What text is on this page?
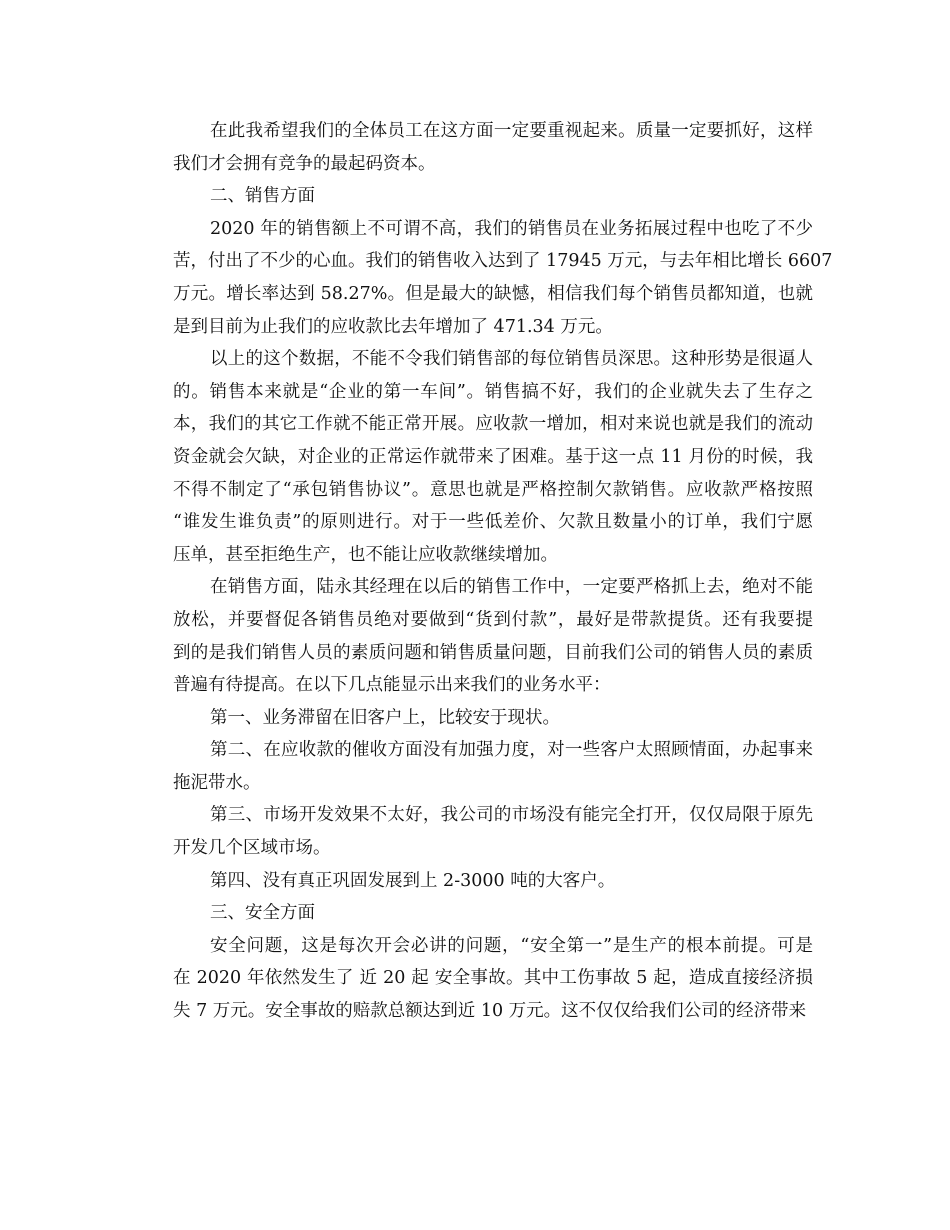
在此我希望我们的全体员工在这方面一定要重视起来。质量一定要抓好，这样
我们才会拥有竞争的最起码资本。
二、销售方面
2020 年的销售额上不可谓不高，我们的销售员在业务拓展过程中也吃了不少
苦，付出了不少的心血。我们的销售收入达到了 17945 万元，与去年相比增长 6607
万元。增长率达到 58.27%。但是最大的缺憾，相信我们每个销售员都知道，也就
是到目前为止我们的应收款比去年增加了 471.34 万元。
以上的这个数据，不能不令我们销售部的每位销售员深思。这种形势是很逼人
的。销售本来就是“企业的第一车间”。销售搞不好，我们的企业就失去了生存之
本，我们的其它工作就不能正常开展。应收款一增加，相对来说也就是我们的流动
资金就会欠缺，对企业的正常运作就带来了困难。基于这一点 11 月份的时候，我
不得不制定了“承包销售协议”。意思也就是严格控制欠款销售。应收款严格按照
“谁发生谁负责”的原则进行。对于一些低差价、欠款且数量小的订单，我们宁愿
压单，甚至拒绝生产，也不能让应收款继续增加。
在销售方面，陆永其经理在以后的销售工作中，一定要严格抓上去，绝对不能
放松，并要督促各销售员绝对要做到“货到付款”，最好是带款提货。还有我要提
到的是我们销售人员的素质问题和销售质量问题，目前我们公司的销售人员的素质
普遍有待提高。在以下几点能显示出来我们的业务水平：
第一、业务滞留在旧客户上，比较安于现状。
第二、在应收款的催收方面没有加强力度，对一些客户太照顾情面，办起事来
拖泥带水。
第三、市场开发效果不太好，我公司的市场没有能完全打开，仅仅局限于原先
开发几个区域市场。
第四、没有真正巩固发展到上 2-3000 吨的大客户。
三、安全方面
安全问题，这是每次开会必讲的问题，“安全第一”是生产的根本前提。可是
在 2020 年依然发生了 近 20 起 安全事故。其中工伤事故 5 起，造成直接经济损
失 7 万元。安全事故的赔款总额达到近 10 万元。这不仅仅给我们公司的经济带来
